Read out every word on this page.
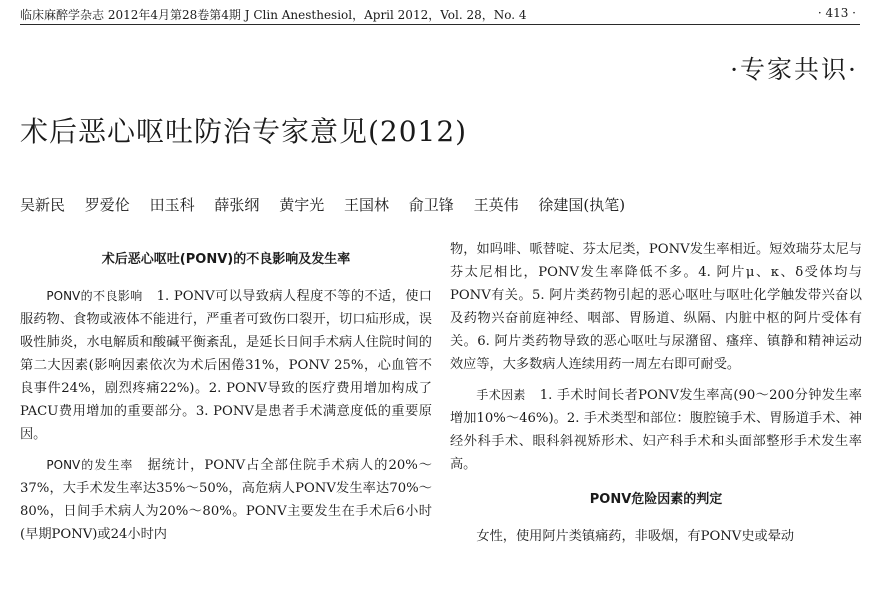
临床麻醉学杂志 2012年4月第28卷第4期 J Clin Anesthesiol，April 2012，Vol. 28，No. 4	· 413 ·
·专家共识·
术后恶心呕吐防治专家意见(2012)
吴新民 罗爱伦 田玉科 薛张纲 黄宇光 王国林 俞卫锋 王英伟 徐建国(执笔)
术后恶心呕吐(PONV)的不良影响及发生率

PONV的不良影响 1. PONV可以导致病人程度不等的不适，使口服药物、食物或液体不能进行，严重者可致伤口裂开，切口疝形成，误吸性肺炎，水电解质和酸碱平衡紊乱，是延长日间手术病人住院时间的第二大因素(影响因素依次为术后困倦31%，PONV 25%，心血管不良事件24%，剧烈疼痛22%)。2. PONV导致的医疗费用增加构成了PACU费用增加的重要部分。3. PONV是患者手术满意度低的重要原因。

PONV的发生率 据统计，PONV占全部住院手术病人的20%～37%，大手术发生率达35%～50%，高危病人PONV发生率达70%～80%，日间手术病人为20%～80%。PONV主要发生在手术后6小时(早期PONV)或24小时内

物，如吗啡、哌替啶、芬太尼类，PONV发生率相近。短效瑞芬太尼与芬太尼相比，PONV发生率降低不多。4. 阿片μ、κ、δ受体均与PONV有关。5. 阿片类药物引起的恶心呕吐与呕吐化学触发带兴奋以及药物兴奋前庭神经、咽部、胃肠道、纵隔、内脏中枢的阿片受体有关。6. 阿片类药物导致的恶心呕吐与尿潴留、瘙痒、镇静和精神运动效应等，大多数病人连续用药一周左右即可耐受。

手术因素 1. 手术时间长者PONV发生率高(90～200分钟发生率增加10%～46%)。2. 手术类型和部位：腹腔镜手术、胃肠道手术、神经外科手术、眼科斜视矫形术、妇产科手术和头面部整形手术发生率高。

PONV危险因素的判定

女性，使用阿片类镇痛药，非吸烟，有PONV史或晕动
